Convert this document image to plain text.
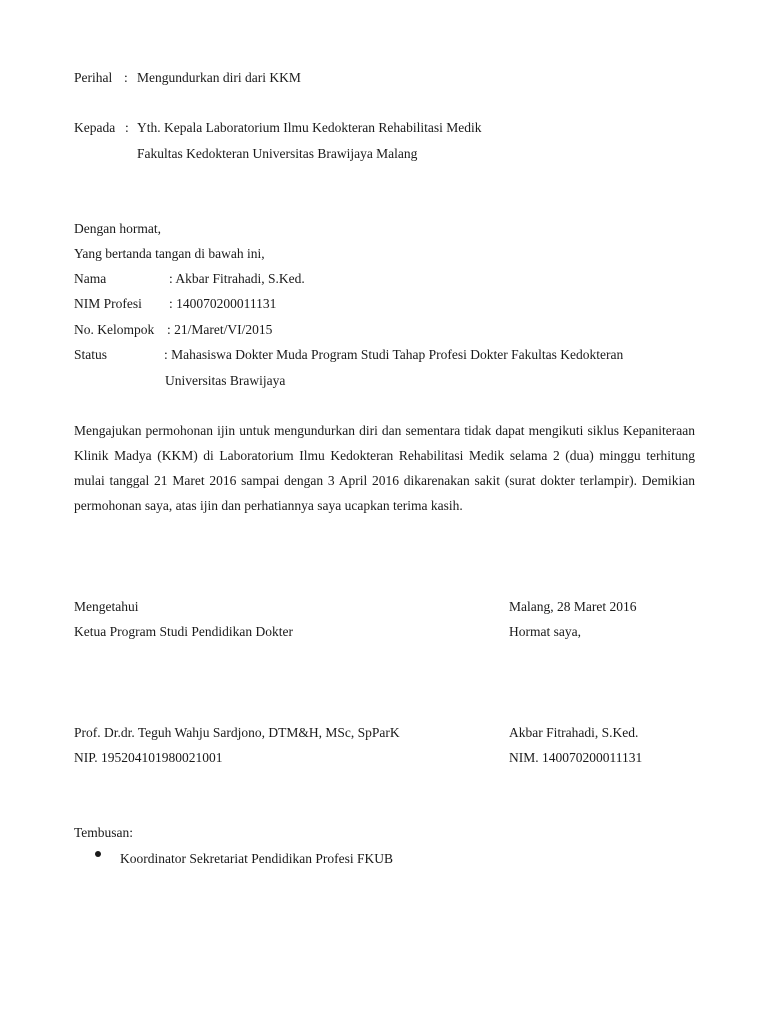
Perihal : Mengundurkan diri dari KKM
Kepada : Yth. Kepala Laboratorium Ilmu Kedokteran Rehabilitasi Medik
Fakultas Kedokteran Universitas Brawijaya Malang
Dengan hormat,
Yang bertanda tangan di bawah ini,
Nama	: Akbar Fitrahadi, S.Ked.
NIM Profesi : 140070200011131
No. Kelompok : 21/Maret/VI/2015
Status	: Mahasiswa Dokter Muda Program Studi Tahap Profesi Dokter Fakultas Kedokteran
Universitas Brawijaya
Mengajukan permohonan ijin untuk mengundurkan diri dan sementara tidak dapat mengikuti siklus Kepaniteraan Klinik Madya (KKM) di Laboratorium Ilmu Kedokteran Rehabilitasi Medik selama 2 (dua) minggu terhitung mulai tanggal 21 Maret 2016 sampai dengan 3 April 2016 dikarenakan sakit (surat dokter terlampir). Demikian permohonan saya, atas ijin dan perhatiannya saya ucapkan terima kasih.
Mengetahui
Ketua Program Studi Pendidikan Dokter
Malang, 28 Maret 2016
Hormat saya,
Prof. Dr.dr. Teguh Wahju Sardjono, DTM&H, MSc, SpParK
NIP. 195204101980021001
Akbar Fitrahadi, S.Ked.
NIM. 140070200011131
Tembusan:
Koordinator Sekretariat Pendidikan Profesi FKUB
